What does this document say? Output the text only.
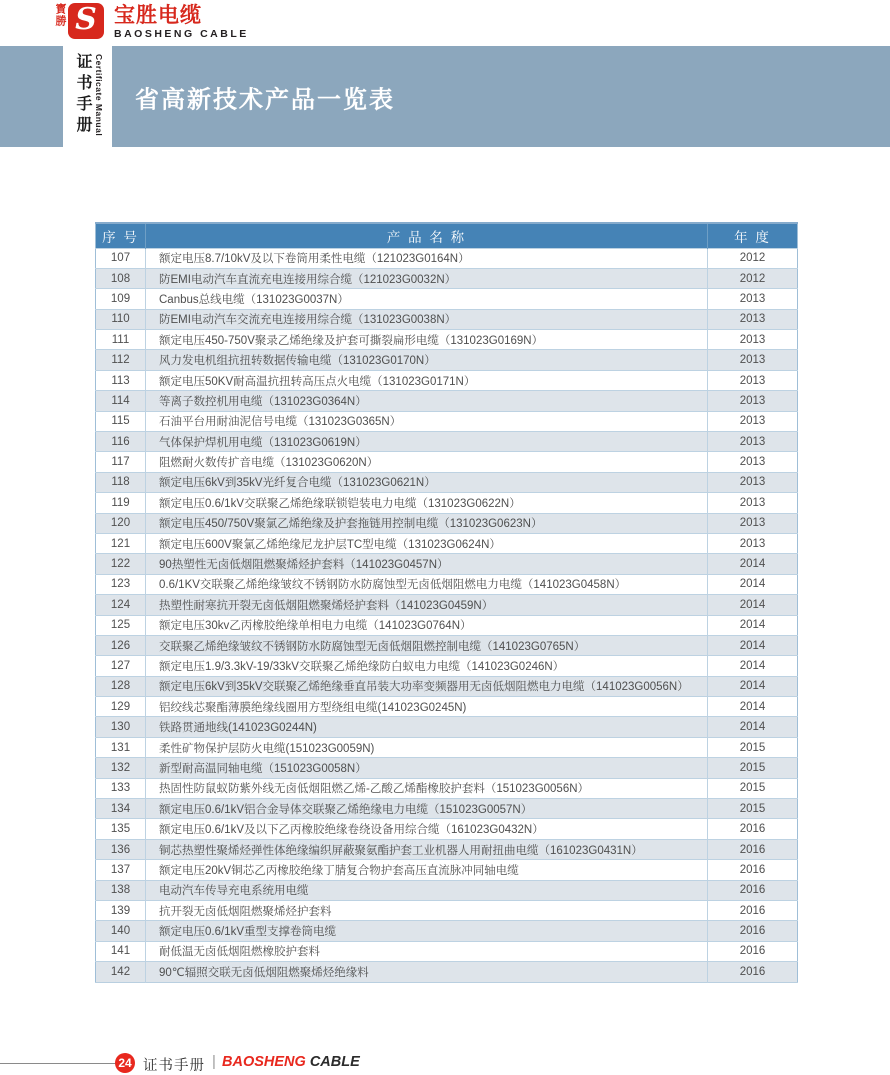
寳勝 S 宝胜电缆
BAOSHENG CABLE
证书手册 Certificate Manual 省高新技术产品一览表
序 号	产 品 名 称	年 度
107	额定电压8.7/10kV及以下卷筒用柔性电缆（121023G0164N）	2012
108	防EMI电动汽车直流充电连接用综合缆（121023G0032N）	2012
109	Canbus总线电缆（131023G0037N）	2013
110	防EMI电动汽车交流充电连接用综合缆（131023G0038N）	2013
111	额定电压450-750V聚录乙烯绝缘及护套可撕裂扁形电缆（131023G0169N）	2013
112	风力发电机组抗扭转数据传输电缆（131023G0170N）	2013
113	额定电压50KV耐高温抗扭转高压点火电缆（131023G0171N）	2013
114	等离子数控机用电缆（131023G0364N）	2013
115	石油平台用耐油泥信号电缆（131023G0365N）	2013
116	气体保护焊机用电缆（131023G0619N）	2013
117	阻燃耐火数传扩音电缆（131023G0620N）	2013
118	额定电压6kV到35kV光纤复合电缆（131023G0621N）	2013
119	额定电压0.6/1kV交联聚乙烯绝缘联锁铠装电力电缆（131023G0622N）	2013
120	额定电压450/750V聚氯乙烯绝缘及护套拖链用控制电缆（131023G0623N）	2013
121	额定电压600V聚氯乙烯绝缘尼龙护层TC型电缆（131023G0624N）	2013
122	90热塑性无卤低烟阻燃聚烯烃护套料（141023G0457N）	2014
123	0.6/1KV交联聚乙烯绝缘皱纹不锈钢防水防腐蚀型无卤低烟阻燃电力电缆（141023G0458N）	2014
124	热塑性耐寒抗开裂无卤低烟阻燃聚烯烃护套料（141023G0459N）	2014
125	额定电压30kv乙丙橡胶绝缘单相电力电缆（141023G0764N）	2014
126	交联聚乙烯绝缘皱纹不锈钢防水防腐蚀型无卤低烟阻燃控制电缆（141023G0765N）	2014
127	额定电压1.9/3.3kV-19/33kV交联聚乙烯绝缘防白蚁电力电缆（141023G0246N）	2014
128	额定电压6kV到35kV交联聚乙烯绝缘垂直吊装大功率变频器用无卤低烟阻燃电力电缆（141023G0056N）	2014
129	铝绞线芯聚酯薄膜绝缘线圈用方型绕组电缆(141023G0245N)	2014
130	铁路贯通地线(141023G0244N)	2014
131	柔性矿物保护层防火电缆(151023G0059N)	2015
132	新型耐高温同轴电缆（151023G0058N）	2015
133	热固性防鼠蚁防紫外线无卤低烟阻燃乙烯-乙酸乙烯酯橡胶护套料（151023G0056N）	2015
134	额定电压0.6/1kV铝合金导体交联聚乙烯绝缘电力电缆（151023G0057N）	2015
135	额定电压0.6/1kV及以下乙丙橡胶绝缘卷绕设备用综合缆（161023G0432N）	2016
136	铜芯热塑性聚烯烃弹性体绝缘编织屏蔽聚氨酯护套工业机器人用耐扭曲电缆（161023G0431N）	2016
137	额定电压20kV铜芯乙丙橡胶绝缘丁腈复合物护套高压直流脉冲同轴电缆	2016
138	电动汽车传导充电系统用电缆	2016
139	抗开裂无卤低烟阻燃聚烯烃护套料	2016
140	额定电压0.6/1kV重型支撑卷筒电缆	2016
141	耐低温无卤低烟阻燃橡胶护套料	2016
142	90℃辐照交联无卤低烟阻燃聚烯烃绝缘料	2016
24 证书手册 | BAOSHENG CABLE
